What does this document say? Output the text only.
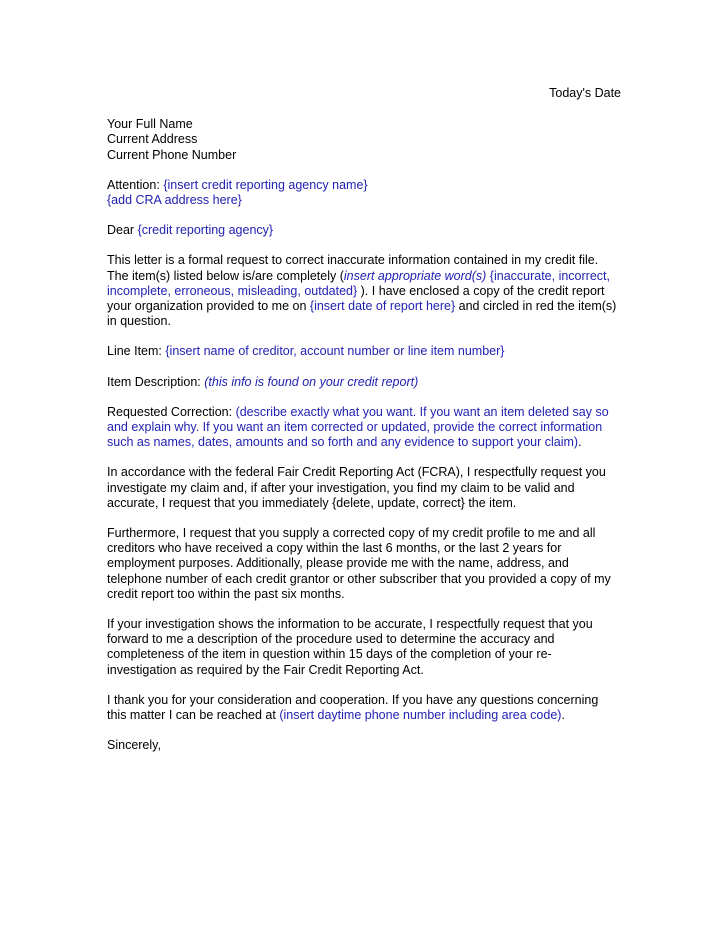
Today's Date

Your Full Name
Current Address
Current Phone Number

Attention: {insert credit reporting agency name}
{add CRA address here}

Dear {credit reporting agency}

This letter is a formal request to correct inaccurate information contained in my credit file. The item(s) listed below is/are completely (insert appropriate word(s) {inaccurate, incorrect, incomplete, erroneous, misleading, outdated} ). I have enclosed a copy of the credit report your organization provided to me on {insert date of report here} and circled in red the item(s) in question.

Line Item: {insert name of creditor, account number or line item number}

Item Description: (this info is found on your credit report)

Requested Correction: (describe exactly what you want. If you want an item deleted say so and explain why. If you want an item corrected or updated, provide the correct information such as names, dates, amounts and so forth and any evidence to support your claim).

In accordance with the federal Fair Credit Reporting Act (FCRA), I respectfully request you investigate my claim and, if after your investigation, you find my claim to be valid and accurate, I request that you immediately {delete, update, correct} the item.

Furthermore, I request that you supply a corrected copy of my credit profile to me and all creditors who have received a copy within the last 6 months, or the last 2 years for employment purposes. Additionally, please provide me with the name, address, and telephone number of each credit grantor or other subscriber that you provided a copy of my credit report too within the past six months.

If your investigation shows the information to be accurate, I respectfully request that you forward to me a description of the procedure used to determine the accuracy and completeness of the item in question within 15 days of the completion of your re-investigation as required by the Fair Credit Reporting Act.

I thank you for your consideration and cooperation. If you have any questions concerning this matter I can be reached at (insert daytime phone number including area code).

Sincerely,
